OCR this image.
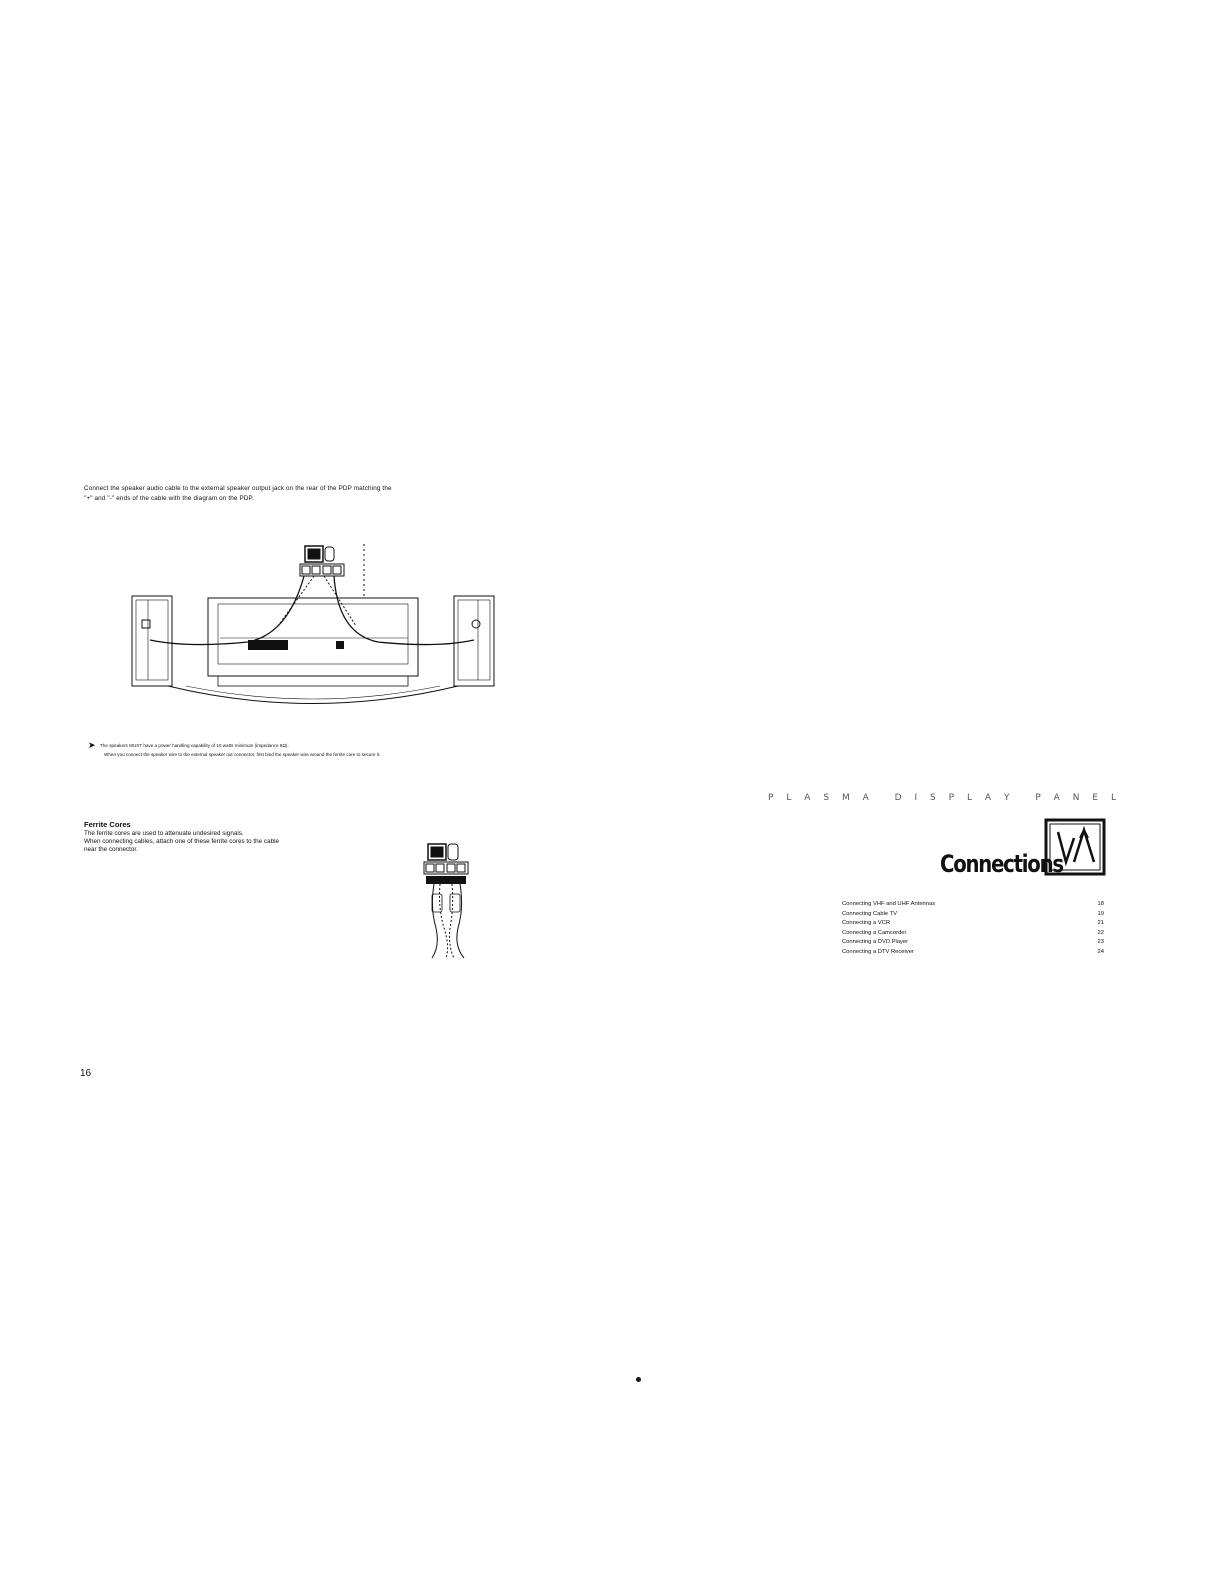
Connect the speaker audio cable to the external speaker output jack on the rear of the PDP matching the

"+" and "-" ends of the cable with the diagram on the PDP.

➤ The speakers MUST have a power handling capability of 10 watts minimum (impedance 8Ω).

When you connect the speaker wire to the external speaker out connector, first bind the speaker wire around the ferrite core to secure it.

Ferrite Cores

The ferrite cores are used to attenuate undesired signals.

When connecting cables, attach one of these ferrite cores to the cable

near the connector.

16
P L A S M A	D I S P L A Y	P A N E L
Connections
Connecting VHF and UHF Antennas	18
Connecting Cable TV	19
Connecting a VCR	21
Connecting a Camcorder	22
Connecting a DVD Player	23
Connecting a DTV Receiver	24
